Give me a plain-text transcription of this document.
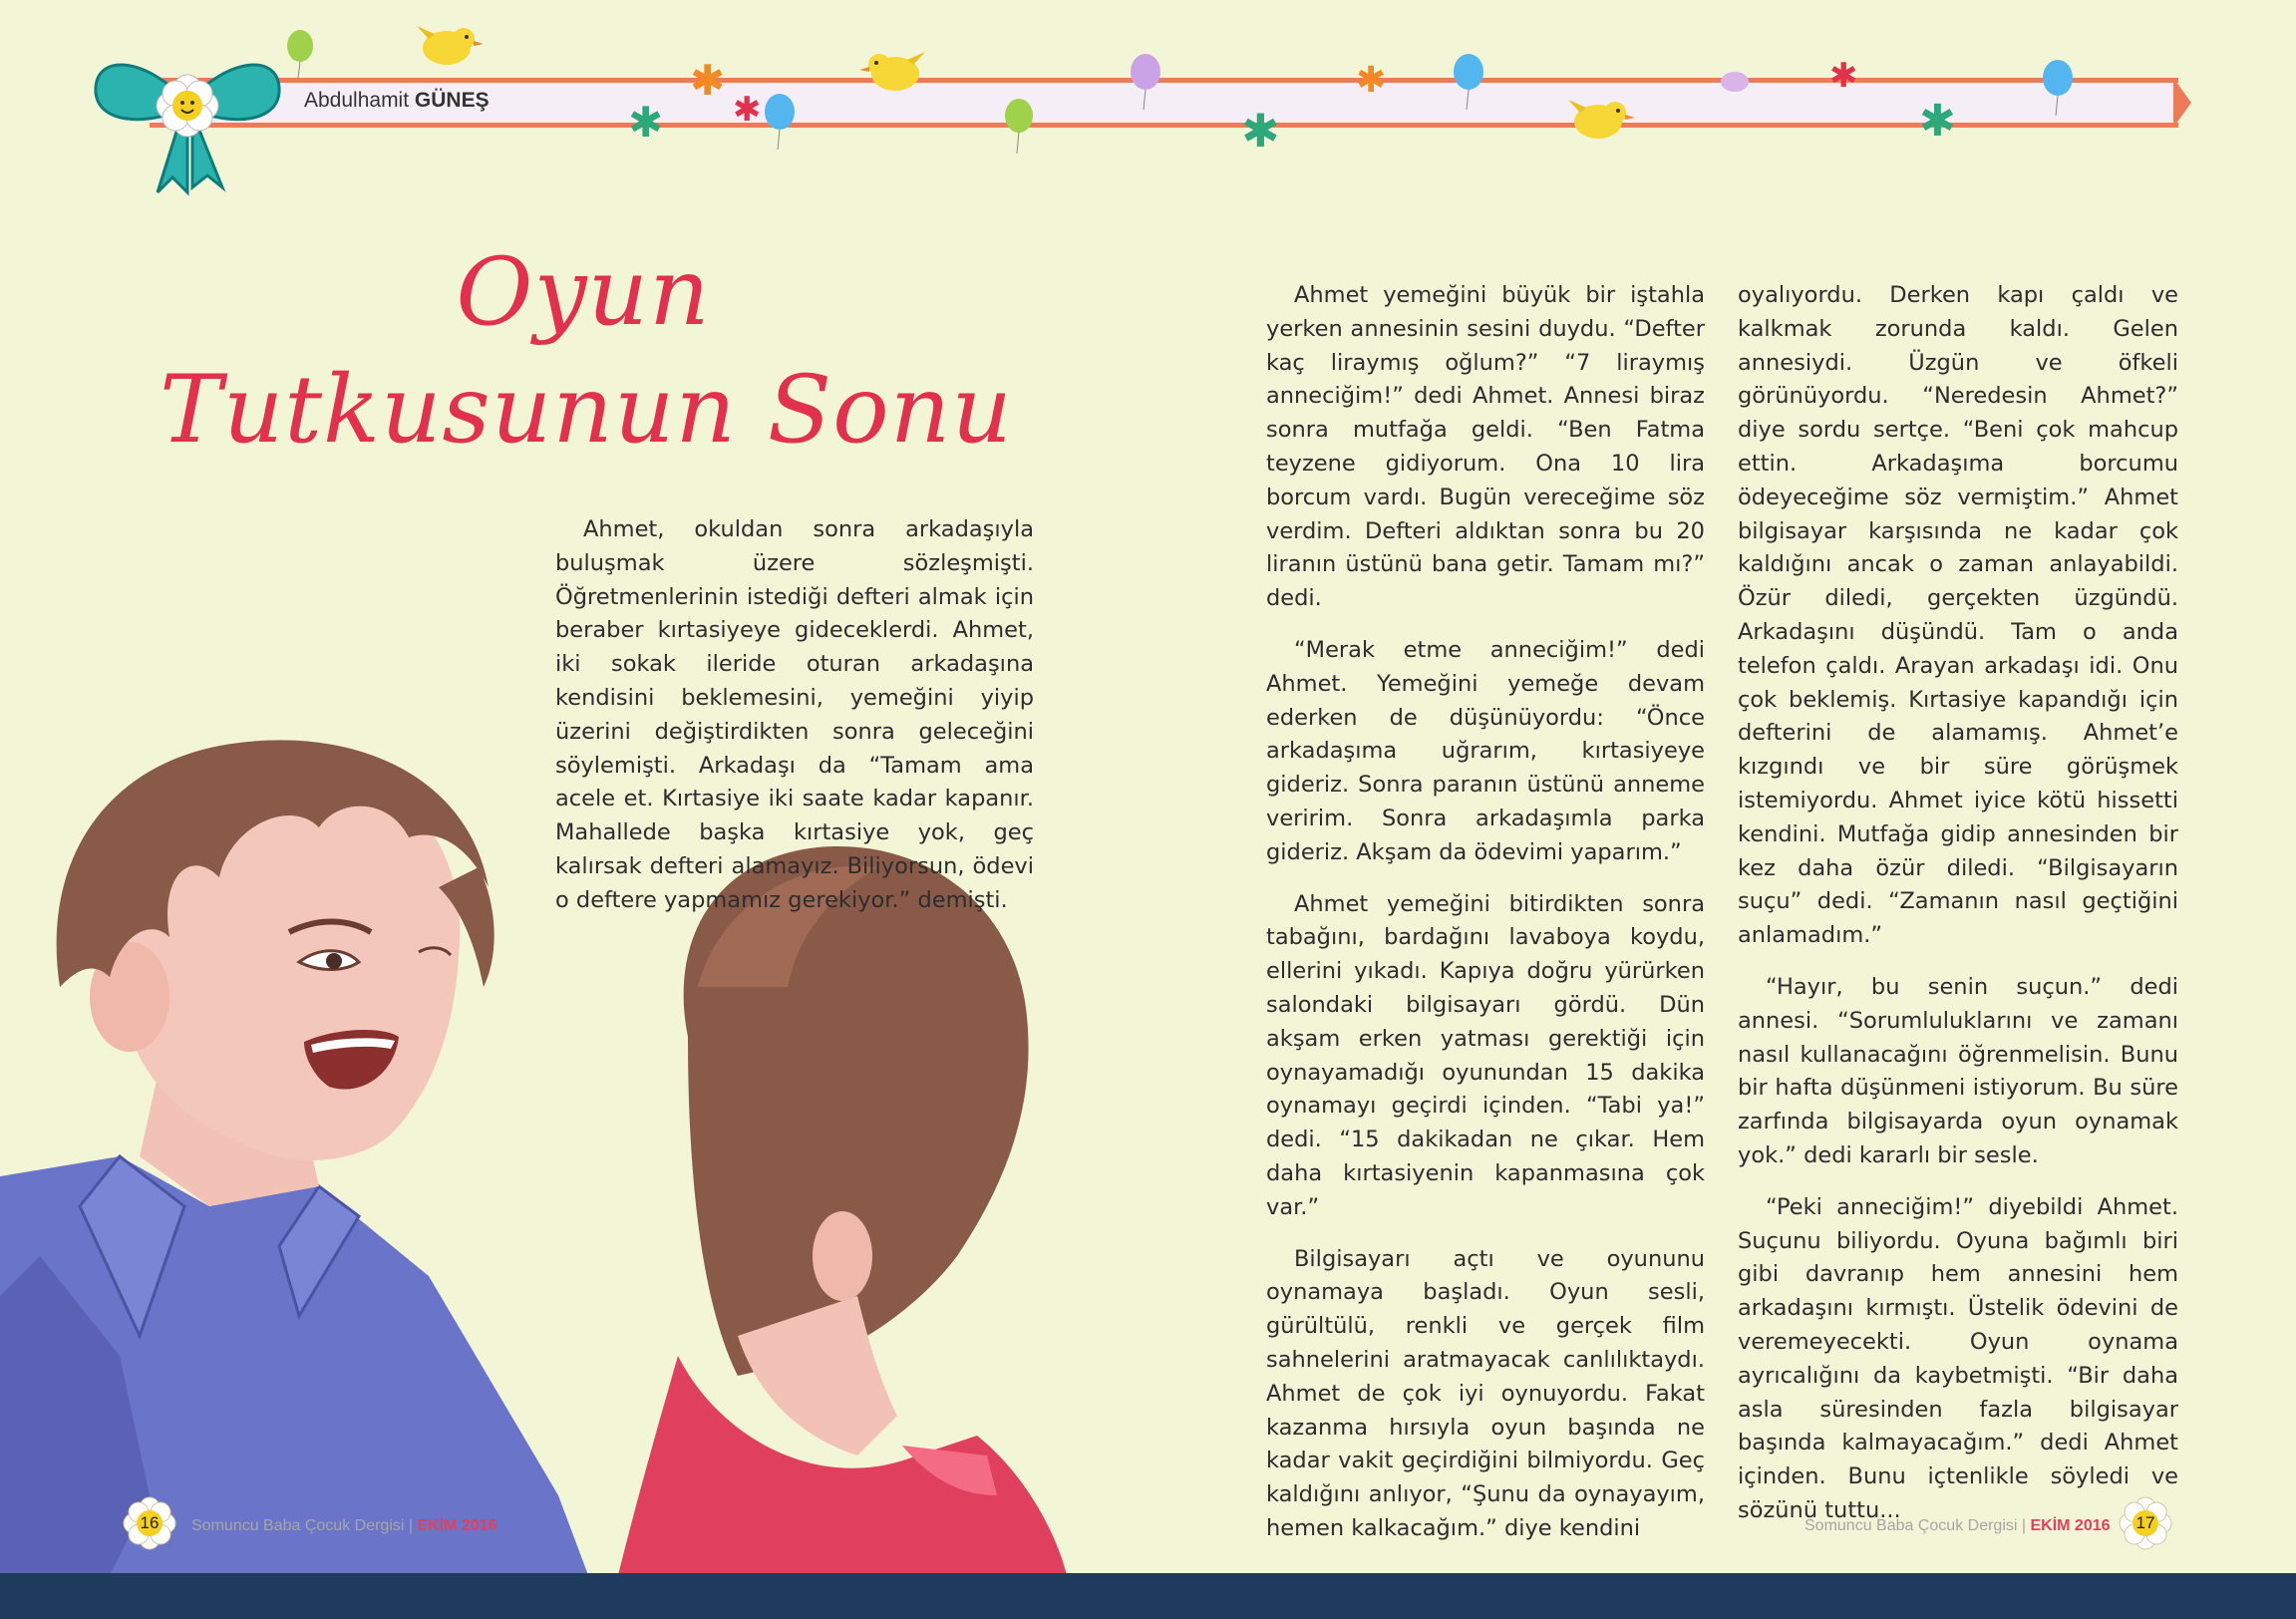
Abdulhamit GÜNEŞ	✱
✱ ✱	✱
✱	✱
✱
Oyun
Tutkusunun Sonu

Ahmet, okuldan sonra arkadaşıyla buluşmak üzere sözleşmişti. Öğretmenlerinin istediği defteri almak için beraber kırtasiyeye gideceklerdi. Ahmet, iki sokak ileride oturan arkadaşına kendisini beklemesini, yemeğini yiyip üzerini değiştirdikten sonra geleceğini söylemişti. Arkadaşı da “Tamam ama acele et. Kırtasiye iki saate kadar kapanır. Mahallede başka kırtasiye yok, geç kalırsak defteri alamayız. Biliyorsun, ödevi o deftere yapmamız gerekiyor.” demişti.

Ahmet yemeğini büyük bir iştahla yerken annesinin sesini duydu. “Defter kaç liraymış oğlum?” “7 liraymış anneciğim!” dedi Ahmet. Annesi biraz sonra mutfağa geldi. “Ben Fatma teyzene gidiyorum. Ona 10 lira borcum vardı. Bugün vereceğime söz verdim. Defteri aldıktan sonra bu 20 liranın üstünü bana getir. Tamam mı?” dedi.

“Merak etme anneciğim!” dedi Ahmet. Yemeğini yemeğe devam ederken de düşünüyordu: “Önce arkadaşıma uğrarım, kırtasiyeye gideriz. Sonra paranın üstünü anneme veririm. Sonra arkadaşımla parka gideriz. Akşam da ödevimi yaparım.”

Ahmet yemeğini bitirdikten sonra tabağını, bardağını lavaboya koydu, ellerini yıkadı. Kapıya doğru yürürken salondaki bilgisayarı gördü. Dün akşam erken yatması gerektiği için oynayamadığı oyunundan 15 dakika oynamayı geçirdi içinden. “Tabi ya!” dedi. “15 dakikadan ne çıkar. Hem daha kırtasiyenin kapanmasına çok var.”

Bilgisayarı açtı ve oyununu oynamaya başladı. Oyun sesli, gürültülü, renkli ve gerçek film sahnelerini aratmayacak canlılıktaydı. Ahmet de çok iyi oynuyordu. Fakat kazanma hırsıyla oyun başında ne kadar vakit geçirdiğini bilmiyordu. Geç kaldığını anlıyor, “Şunu da oynayayım, hemen kalkacağım.” diye kendini

oyalıyordu. Derken kapı çaldı ve kalkmak zorunda kaldı. Gelen annesiydi. Üzgün ve öfkeli görünüyordu. “Neredesin Ahmet?” diye sordu sertçe. “Beni çok mahcup ettin. Arkadaşıma borcumu ödeyeceğime söz vermiştim.” Ahmet bilgisayar karşısında ne kadar çok kaldığını ancak o zaman anlayabildi. Özür diledi, gerçekten üzgündü. Arkadaşını düşündü. Tam o anda telefon çaldı. Arayan arkadaşı idi. Onu çok beklemiş. Kırtasiye kapandığı için defterini de alamamış. Ahmet’e kızgındı ve bir süre görüşmek istemiyordu. Ahmet iyice kötü hissetti kendini. Mutfağa gidip annesinden bir kez daha özür diledi. “Bilgisayarın suçu” dedi. “Zamanın nasıl geçtiğini anlamadım.”

“Hayır, bu senin suçun.” dedi annesi. “Sorumluluklarını ve zamanı nasıl kullanacağını öğrenmelisin. Bunu bir hafta düşünmeni istiyorum. Bu süre zarfında bilgisayarda oyun oynamak yok.” dedi kararlı bir sesle.

“Peki anneciğim!” diyebildi Ahmet. Suçunu biliyordu. Oyuna bağımlı biri gibi davranıp hem annesini hem arkadaşını kırmıştı. Üstelik ödevini de veremeyecekti. Oyun oynama ayrıcalığını da kaybetmişti. “Bir daha asla süresinden fazla bilgisayar başında kalmayacağım.” dedi Ahmet içinden. Bunu içtenlikle söyledi ve sözünü tuttu...

16 Somuncu Baba Çocuk Dergisi | EKİM 2016	Somuncu Baba Çocuk Dergisi | EKİM 2016 17
